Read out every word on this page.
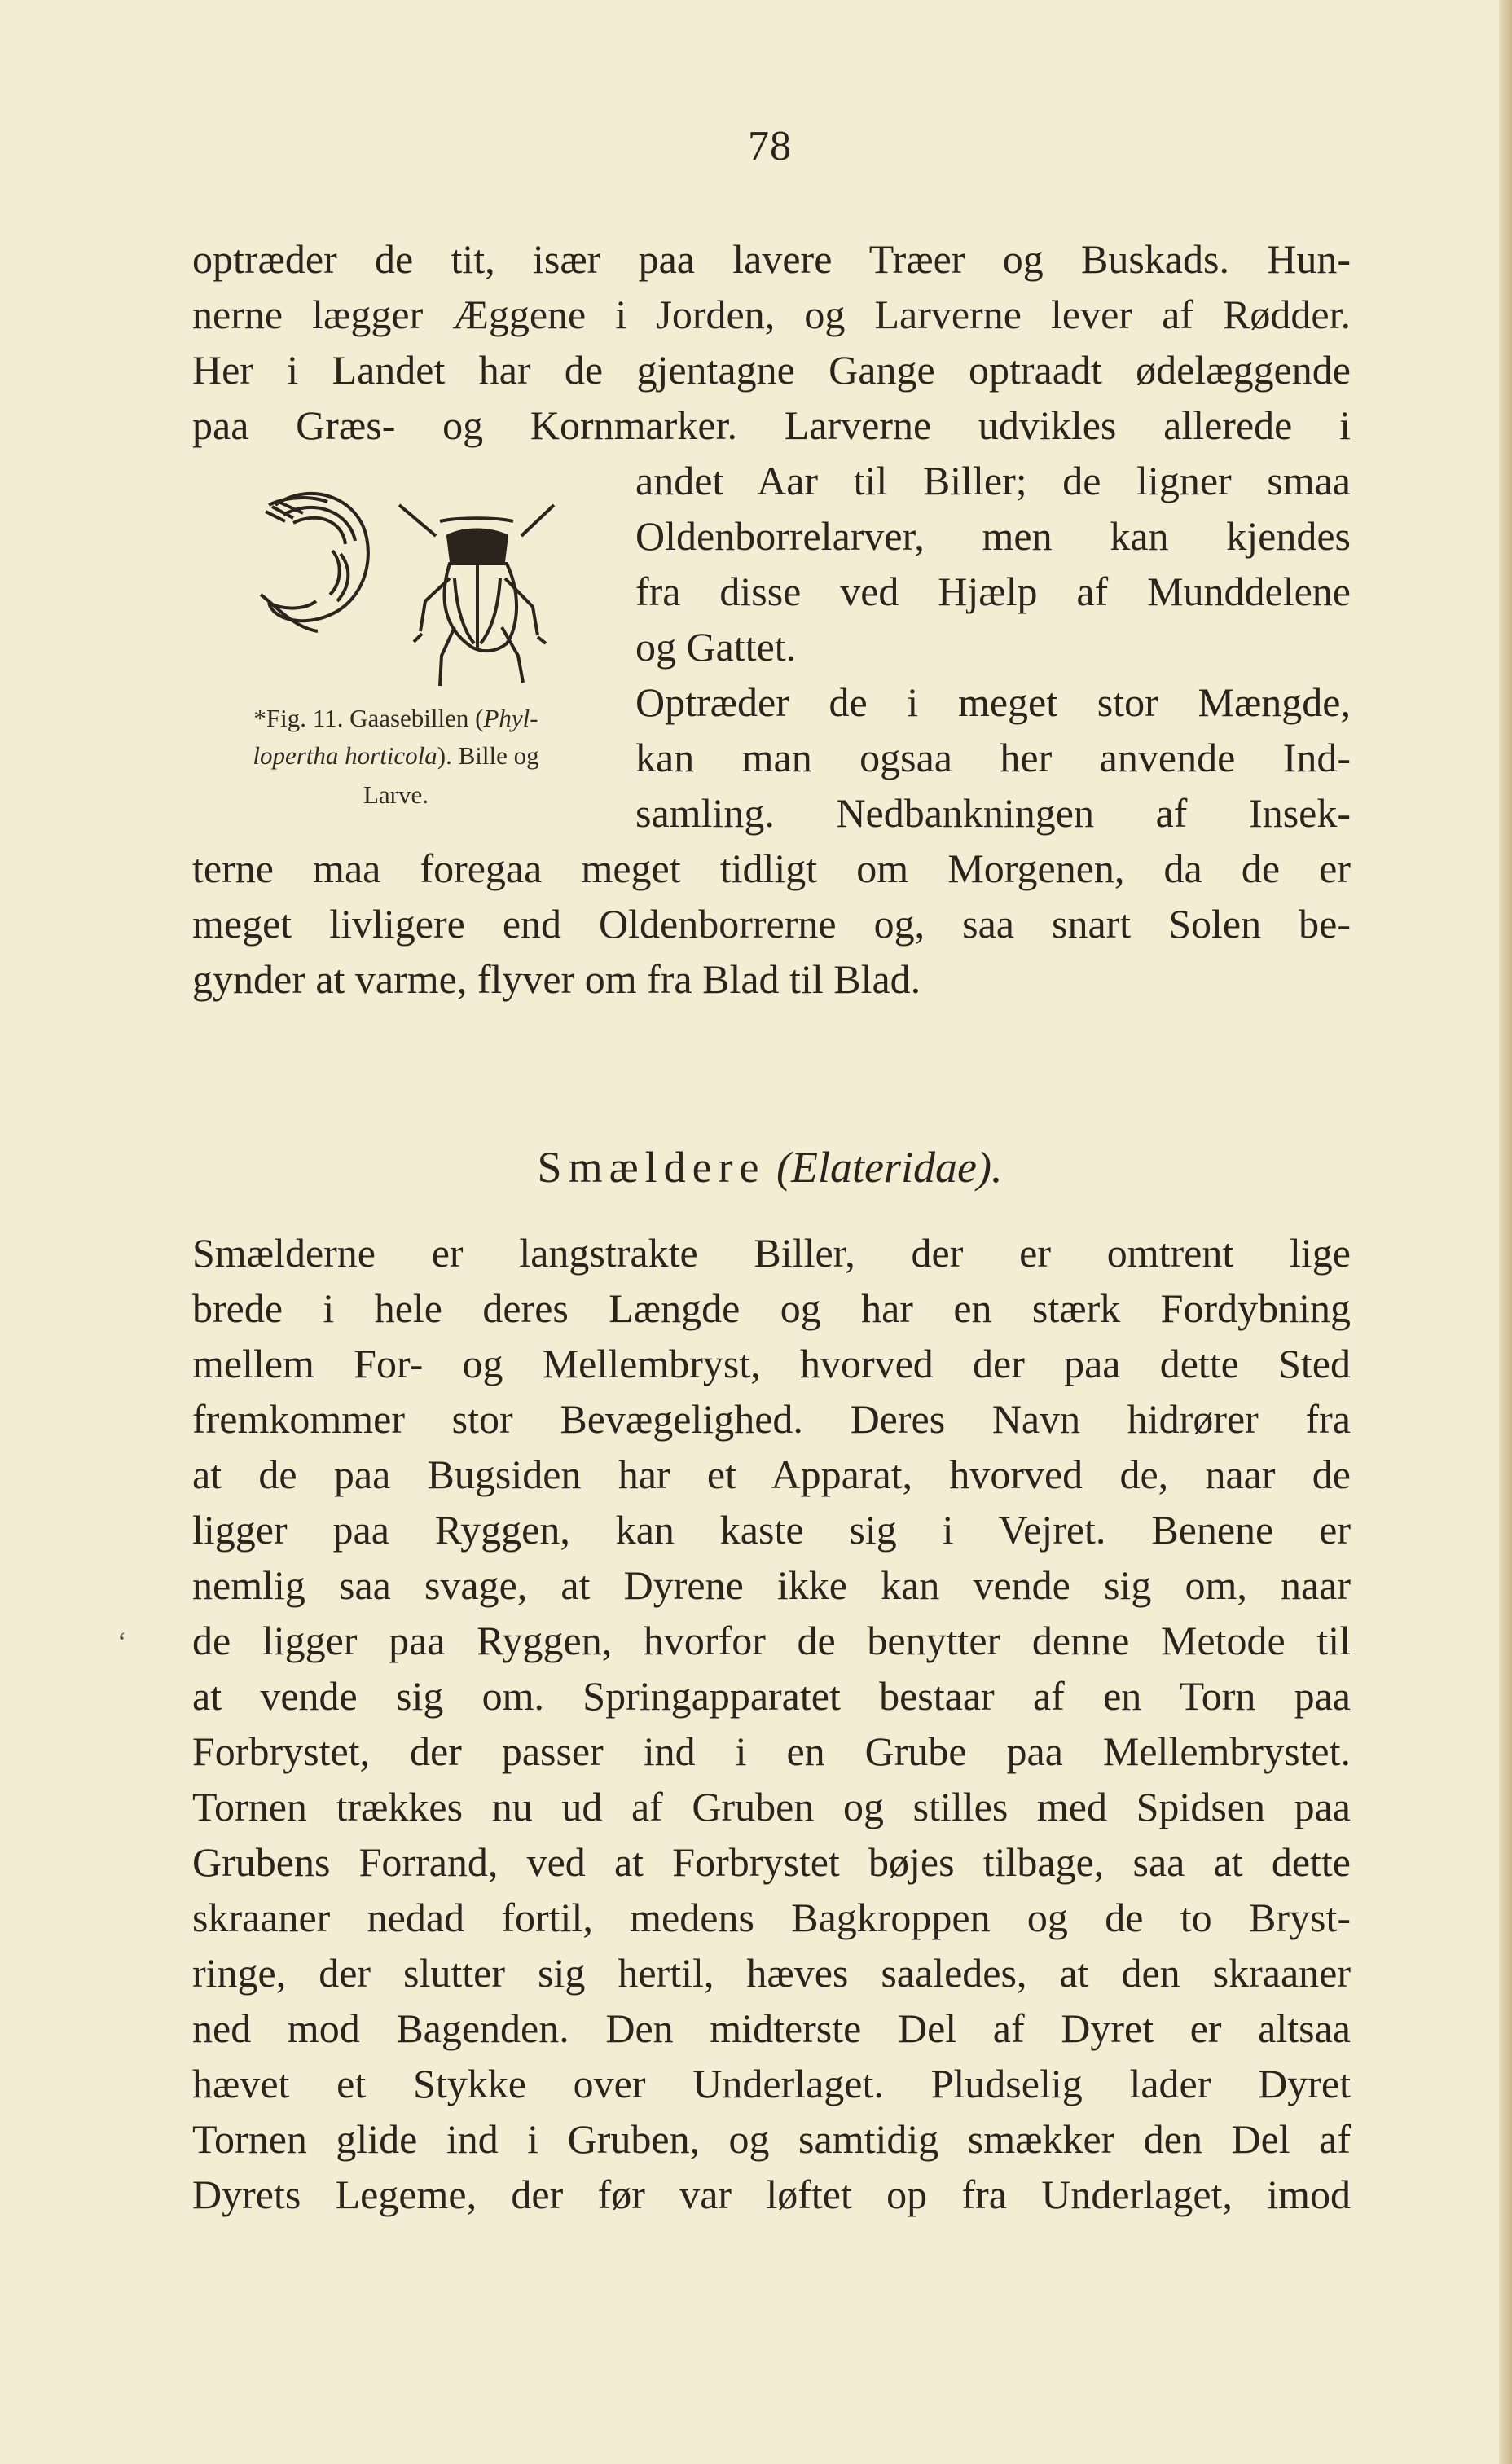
78
optræder de tit, især paa lavere Træer og Buskads. Hun-
nerne lægger Æggene i Jorden, og Larverne lever af Rødder.
Her i Landet har de gjentagne Gange optraadt ødelæggende
paa Græs- og Kornmarker. Larverne udvikles allerede i
andet Aar til Biller; de ligner smaa
Oldenborrelarver, men kan kjendes
fra disse ved Hjælp af Munddelene
og Gattet.
Optræder de i meget stor Mængde,
kan man ogsaa her anvende Ind-
samling. Nedbankningen af Insek-
terne maa foregaa meget tidligt om Morgenen, da de er
meget livligere end Oldenborrerne og, saa snart Solen be-
gynder at varme, flyver om fra Blad til Blad.
*Fig. 11. Gaasebillen (Phyl-
lopertha horticola). Bille og
Larve.
Smældere (Elateridae).
Smælderne er langstrakte Biller, der er omtrent lige
brede i hele deres Længde og har en stærk Fordybning
mellem For- og Mellembryst, hvorved der paa dette Sted
fremkommer stor Bevægelighed. Deres Navn hidrører fra
at de paa Bugsiden har et Apparat, hvorved de, naar de
ligger paa Ryggen, kan kaste sig i Vejret. Benene er
nemlig saa svage, at Dyrene ikke kan vende sig om, naar
de ligger paa Ryggen, hvorfor de benytter denne Metode til
at vende sig om. Springapparatet bestaar af en Torn paa
Forbrystet, der passer ind i en Grube paa Mellembrystet.
Tornen trækkes nu ud af Gruben og stilles med Spidsen paa
Grubens Forrand, ved at Forbrystet bøjes tilbage, saa at dette
skraaner nedad fortil, medens Bagkroppen og de to Bryst-
ringe, der slutter sig hertil, hæves saaledes, at den skraaner
ned mod Bagenden. Den midterste Del af Dyret er altsaa
hævet et Stykke over Underlaget. Pludselig lader Dyret
Tornen glide ind i Gruben, og samtidig smækker den Del af
Dyrets Legeme, der før var løftet op fra Underlaget, imod
ʻ
